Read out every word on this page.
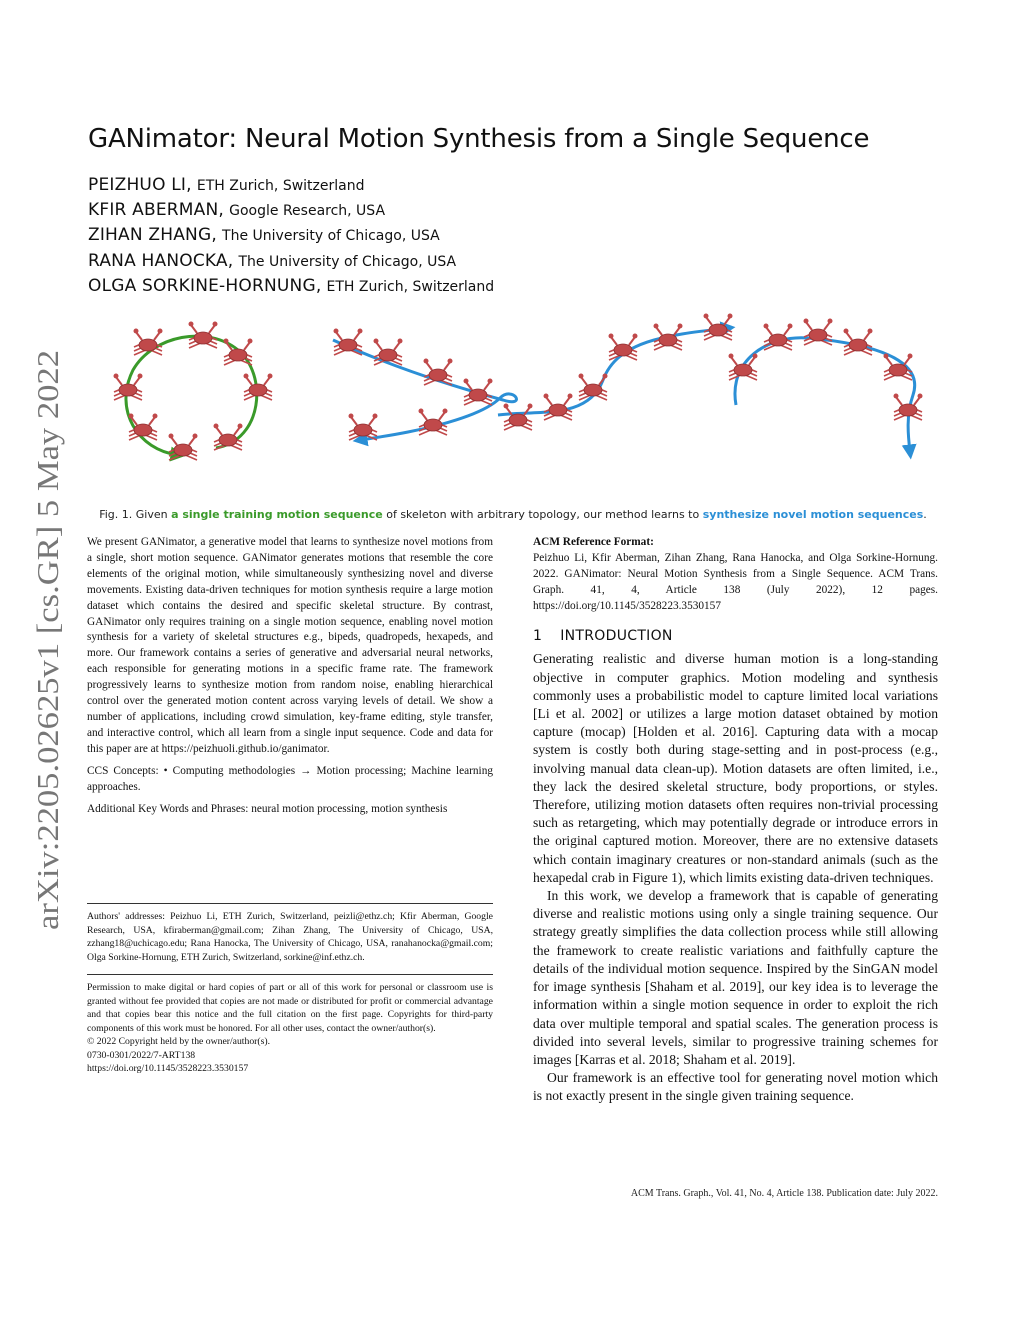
arXiv:2205.02625v1 [cs.GR] 5 May 2022
GANimator: Neural Motion Synthesis from a Single Sequence
PEIZHUO LI, ETH Zurich, Switzerland
KFIR ABERMAN, Google Research, USA
ZIHAN ZHANG, The University of Chicago, USA
RANA HANOCKA, The University of Chicago, USA
OLGA SORKINE-HORNUNG, ETH Zurich, Switzerland
Fig. 1. Given a single training motion sequence of skeleton with arbitrary topology, our method learns to synthesize novel motion sequences.

We present GANimator, a generative model that learns to synthesize novel motions from a single, short motion sequence. GANimator generates motions that resemble the core elements of the original motion, while simultaneously synthesizing novel and diverse movements. Existing data-driven techniques for motion synthesis require a large motion dataset which contains the desired and specific skeletal structure. By contrast, GANimator only requires training on a single motion sequence, enabling novel motion synthesis for a variety of skeletal structures e.g., bipeds, quadropeds, hexapeds, and more. Our framework contains a series of generative and adversarial neural networks, each responsible for generating motions in a specific frame rate. The framework progressively learns to synthesize motion from random noise, enabling hierarchical control over the generated motion content across varying levels of detail. We show a number of applications, including crowd simulation, key-frame editing, style transfer, and interactive control, which all learn from a single input sequence. Code and data for this paper are at https://peizhuoli.github.io/ganimator.

CCS Concepts: • Computing methodologies → Motion processing; Machine learning approaches.

Additional Key Words and Phrases: neural motion processing, motion synthesis

Authors' addresses: Peizhuo Li, ETH Zurich, Switzerland, peizli@ethz.ch; Kfir Aberman, Google Research, USA, kfiraberman@gmail.com; Zihan Zhang, The University of Chicago, USA, zzhang18@uchicago.edu; Rana Hanocka, The University of Chicago, USA, ranahanocka@gmail.com; Olga Sorkine-Hornung, ETH Zurich, Switzerland, sorkine@inf.ethz.ch.

Permission to make digital or hard copies of part or all of this work for personal or classroom use is granted without fee provided that copies are not made or distributed for profit or commercial advantage and that copies bear this notice and the full citation on the first page. Copyrights for third-party components of this work must be honored. For all other uses, contact the owner/author(s).

© 2022 Copyright held by the owner/author(s).

0730-0301/2022/7-ART138

https://doi.org/10.1145/3528223.3530157

ACM Reference Format:

Peizhuo Li, Kfir Aberman, Zihan Zhang, Rana Hanocka, and Olga Sorkine-Hornung. 2022. GANimator: Neural Motion Synthesis from a Single Sequence. ACM Trans. Graph. 41, 4, Article 138 (July 2022), 12 pages. https://doi.org/10.1145/3528223.3530157

1 INTRODUCTION

Generating realistic and diverse human motion is a long-standing objective in computer graphics. Motion modeling and synthesis commonly uses a probabilistic model to capture limited local variations [Li et al. 2002] or utilizes a large motion dataset obtained by motion capture (mocap) [Holden et al. 2016]. Capturing data with a mocap system is costly both during stage-setting and in post-process (e.g., involving manual data clean-up). Motion datasets are often limited, i.e., they lack the desired skeletal structure, body proportions, or styles. Therefore, utilizing motion datasets often requires non-trivial processing such as retargeting, which may potentially degrade or introduce errors in the original captured motion. Moreover, there are no extensive datasets which contain imaginary creatures or non-standard animals (such as the hexapedal crab in Figure 1), which limits existing data-driven techniques.

In this work, we develop a framework that is capable of generating diverse and realistic motions using only a single training sequence. Our strategy greatly simplifies the data collection process while still allowing the framework to create realistic variations and faithfully capture the details of the individual motion sequence. Inspired by the SinGAN model for image synthesis [Shaham et al. 2019], our key idea is to leverage the information within a single motion sequence in order to exploit the rich data over multiple temporal and spatial scales. The generation process is divided into several levels, similar to progressive training schemes for images [Karras et al. 2018; Shaham et al. 2019].

Our framework is an effective tool for generating novel motion which is not exactly present in the single given training sequence.

ACM Trans. Graph., Vol. 41, No. 4, Article 138. Publication date: July 2022.
